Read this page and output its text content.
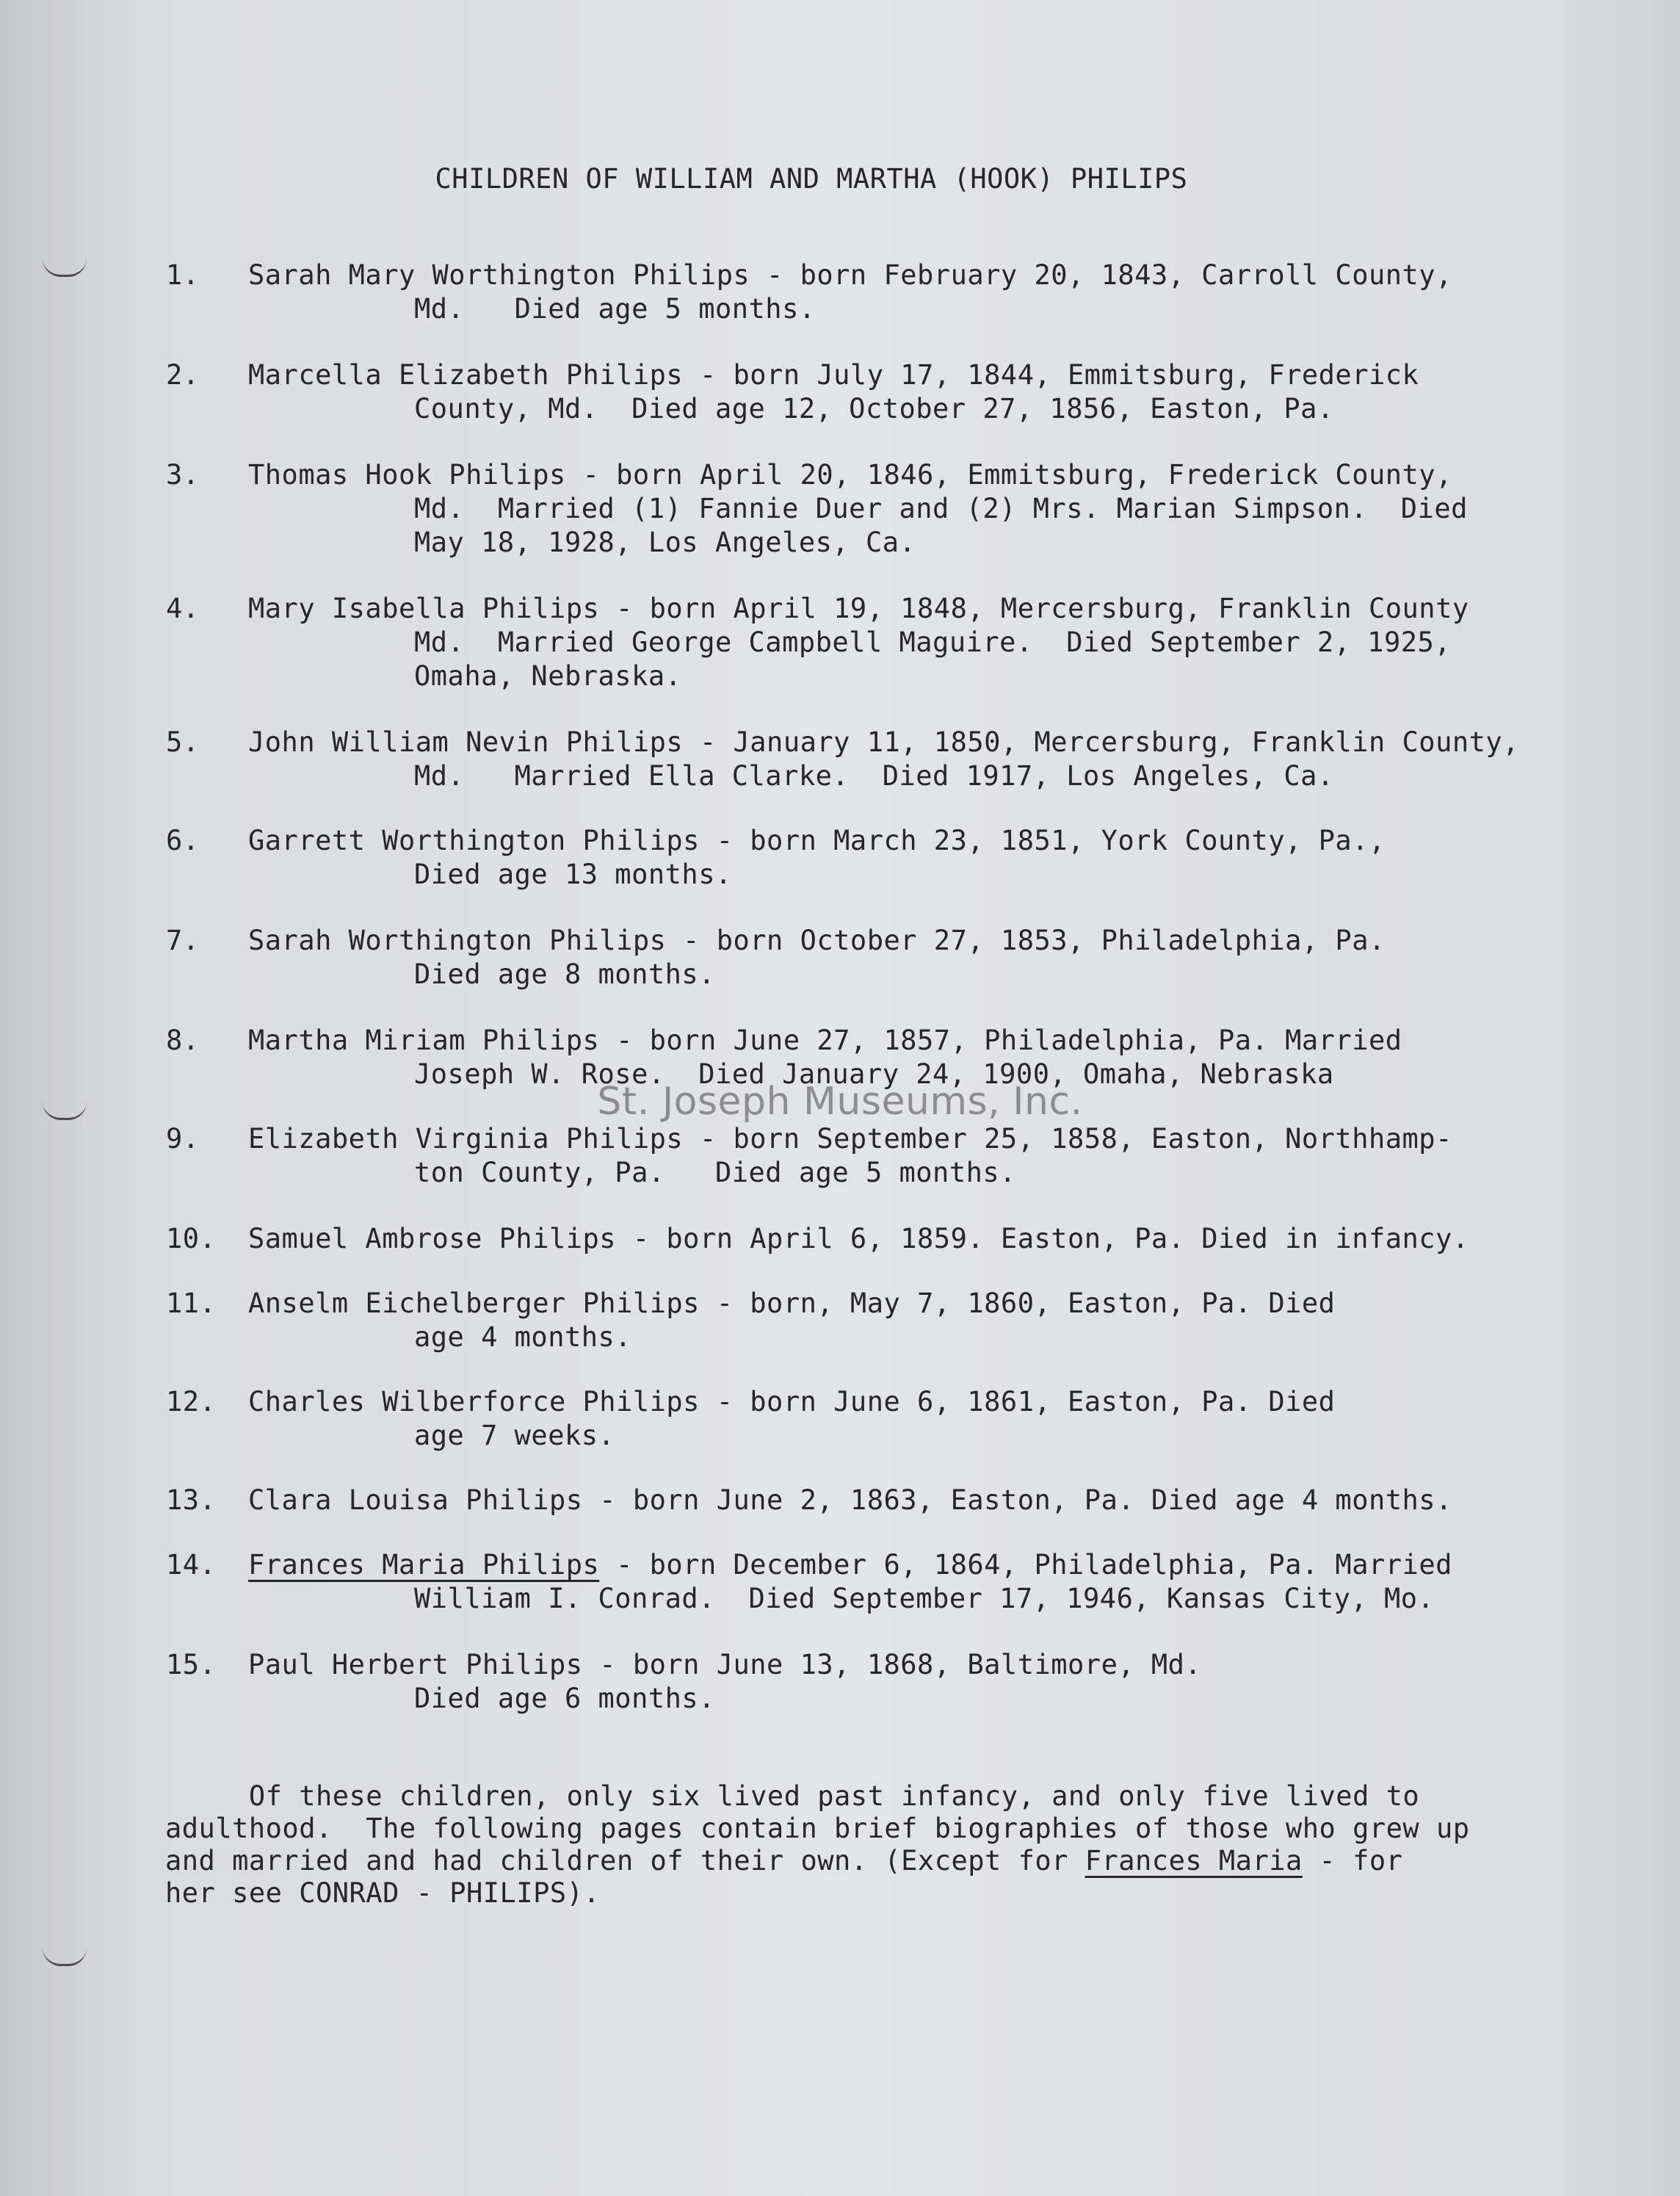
CHILDREN OF WILLIAM AND MARTHA (HOOK) PHILIPS
1. Sarah Mary Worthington Philips - born February 20, 1843, Carroll County,
Md.   Died age 5 months.
2. Marcella Elizabeth Philips - born July 17, 1844, Emmitsburg, Frederick
County, Md.  Died age 12, October 27, 1856, Easton, Pa.
3. Thomas Hook Philips - born April 20, 1846, Emmitsburg, Frederick County,
Md.  Married (1) Fannie Duer and (2) Mrs. Marian Simpson.  Died
May 18, 1928, Los Angeles, Ca.
4. Mary Isabella Philips - born April 19, 1848, Mercersburg, Franklin County
Md.  Married George Campbell Maguire.  Died September 2, 1925,
Omaha, Nebraska.
5. John William Nevin Philips - January 11, 1850, Mercersburg, Franklin County,
Md.   Married Ella Clarke.  Died 1917, Los Angeles, Ca.
6. Garrett Worthington Philips - born March 23, 1851, York County, Pa.,
Died age 13 months.
7. Sarah Worthington Philips - born October 27, 1853, Philadelphia, Pa.
Died age 8 months.
8. Martha Miriam Philips - born June 27, 1857, Philadelphia, Pa. Married
Joseph W. Rose.  Died January 24, 1900, Omaha, Nebraska
9. Elizabeth Virginia Philips - born September 25, 1858, Easton, Northhamp-
ton County, Pa.   Died age 5 months.
10. Samuel Ambrose Philips - born April 6, 1859. Easton, Pa. Died in infancy.
11. Anselm Eichelberger Philips - born, May 7, 1860, Easton, Pa. Died
age 4 months.
12. Charles Wilberforce Philips - born June 6, 1861, Easton, Pa. Died
age 7 weeks.
13. Clara Louisa Philips - born June 2, 1863, Easton, Pa. Died age 4 months.
14. Frances Maria Philips - born December 6, 1864, Philadelphia, Pa. Married
William I. Conrad.  Died September 17, 1946, Kansas City, Mo.
15. Paul Herbert Philips - born June 13, 1868, Baltimore, Md.
Died age 6 months.
Of these children, only six lived past infancy, and only five lived to
adulthood.  The following pages contain brief biographies of those who grew up
and married and had children of their own. (Except for Frances Maria - for
her see CONRAD - PHILIPS).
St. Joseph Museums, Inc.
